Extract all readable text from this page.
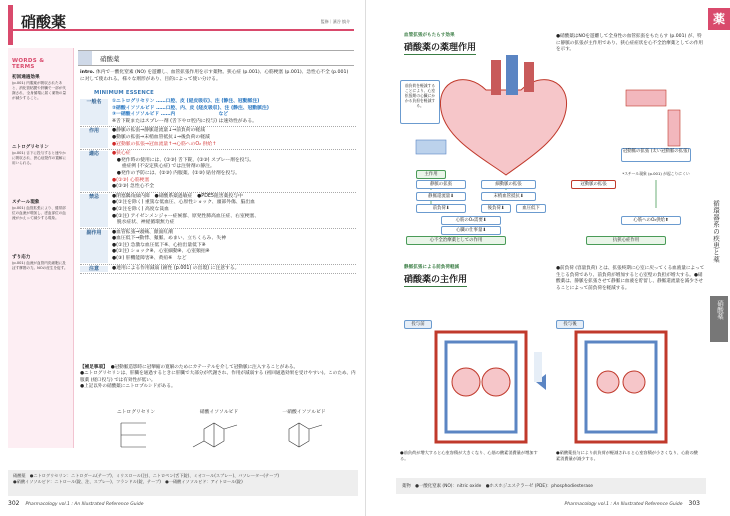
硝酸薬	監修｜濱谷 慎介
WORDS & TERMS
初回通過効果
(p.001) 内服薬が吸収されたあと、消化管粘膜や肝臓で一部が代謝され、全身循環に届く薬物の量が減少すること。
ニトログリセリン
(p.001) 舌下に投与すると速やかに吸収され、狭心症発作の寛解に用いられる。
スチール現象
(p.001) 血管拡張により、健常部位の血流が増加し、虚血部位の血流がかえって減少する現象。
ずり応力
(p.001) 血流が血管内皮細胞に及ぼす摩擦の力。NOの産生を促す。
硝酸薬
intro. 体内で一酸化窒素 (NO) を遊離し、血管拡張作用を示す薬物。狭心症 (p.001)、心筋梗塞 (p.001)、急性心不全 (p.001) に対して使われる。様々な剤形があり、目的によって使い分ける。
MINIMUM ESSENCE
一般名	①ニトログリセリン ……口腔、皮 (経皮吸収)、注 (静注、冠動脈注)
②硝酸イソソルビド ……口腔、内、皮 (経皮吸収)、注 (静注、冠動脈注)
③一硝酸イソソルビド ……内　　　　　　　　　など
※舌下錠またはスプレー剤 (舌下やロ腔内に投与) は速効性がある。
作用	●静脈の拡張⇒静脈還流量↓⇒前負荷の軽減
●動脈の拡張⇒末梢血管抵抗↓⇒後負荷の軽減
●冠動脈の拡張⇒冠血流量↑⇒心筋へのO₂ 供給↑
適応	●狭心症
　●発作時の使用には、(①③) 舌下錠、(①③) スプレー剤を投与。
　　重症例 (不安定狭心症) では注射剤の静注。
　●発作の予防には、(②③) 内服薬、(①③) 貼付剤を投与。
●(①③) 心筋梗塞
●(①③) 急性心不全
禁忌	●閉塞隅角緑内障　●硝酸系薬過敏症　●PDE5阻害薬投与中
●(①注を除く) 重篤な低血圧、心原性ショック、頭部外傷、脳出血
●(①注を除く) 高度な貧血
●(①注) アイゼンメンジャー症候群、原発性肺高血圧症、右室梗塞、
　脱水症状、神経循環無力症
副作用	●血管拡張⇒頭痛、顔面紅潮
●血圧低下⇒動悸、頻脈、めまい、立ちくらみ、失神
●(①注) 急激な血圧低下※、心拍出量低下※
●(①注) ショック※、心室細動※、心室頻拍※
●(③) 肝機能障害※、黄疸※　など
注意	●連用による作用減弱 (耐性 (p.001) の出現) に注意する。
【補足事項】 ●冠動脈造影時に冠攣縮の寛解のためにカテーテルを介して冠動脈に注入することがある。
●ニトログリセリンは、肝臓を通過するときに肝臓で大部分が代謝され、作用が減弱する (初回通過効果を受けやすい)。このため、内服薬 (経口投与) では有効性が低い。
●上記以外の硝酸薬にニトロプルシドがある。
ニトログリセリン	硝酸イソソルビド	一硝酸イソソルビド
硝酸薬　●ニトログリセリン：ニトロダーム(テープ)、ミリスロール(注)、ニトロペン(舌下錠)、ミオコール(スプレー)、バソレーター(テープ)
●硝酸イソソルビド：ニトロール(錠、注、スプレー)、フランドル(錠、テープ)　●一硝酸イソソルビド：アイトロール(錠)
302 Pharmacology vol.1 : An Illustrated Reference Guide
血管拡張がもたらす効果
硝酸薬の薬理作用
●硝酸薬はNOを遊離して全身性の血管拡張をもたらす (p.001) が、特に静脈の拡張が主作用であり、狭心症症状を心不全治療薬としての作用を示す。
前負荷を軽減することにより、心室拡張期の心臓にかかる負担を軽減する。
主作用
静脈の拡張
静脈還流量⬇
前負荷⬇
細動脈の拡張
末梢血管抵抗⬇
後負荷⬇	血圧低下
心筋のO₂需要⬇
心臓の仕事量⬇
心不全治療薬としての作用
冠動脈の拡張 (太い冠動脈の拡張)
*スチール現象 (p.001) が起こりにくい
心筋へのO₂供給⬆
抗狭心症作用
冠動脈の拡張
静脈拡張による前負荷軽減
硝酸薬の主作用
●前負荷 (容量負荷) とは、拡張終期に心室に戻ってくる血液量によって生じる負荷であり、前負荷が増加すると心室壁の負担が増大する。●硝酸薬は、静脈を拡張させて静脈に血液を貯留し、静脈還流量を減少させることによって前負荷を軽減する。
投与前	投与後
●前負荷が増大すると心室容積が大きくなり、心筋の酸素消費量が増加する。
●硝酸薬投与により前負荷が軽減されると心室容積が小さくなり、心筋の酸素消費量が減少する。
薬物　●一酸化窒素 (NO)：nitric oxide　●ホスホジエステラーゼ (PDE)：phosphodiesterase
Pharmacology vol.1 : An Illustrated Reference Guide 303
薬
循環器系の疾患と薬
硝酸薬
